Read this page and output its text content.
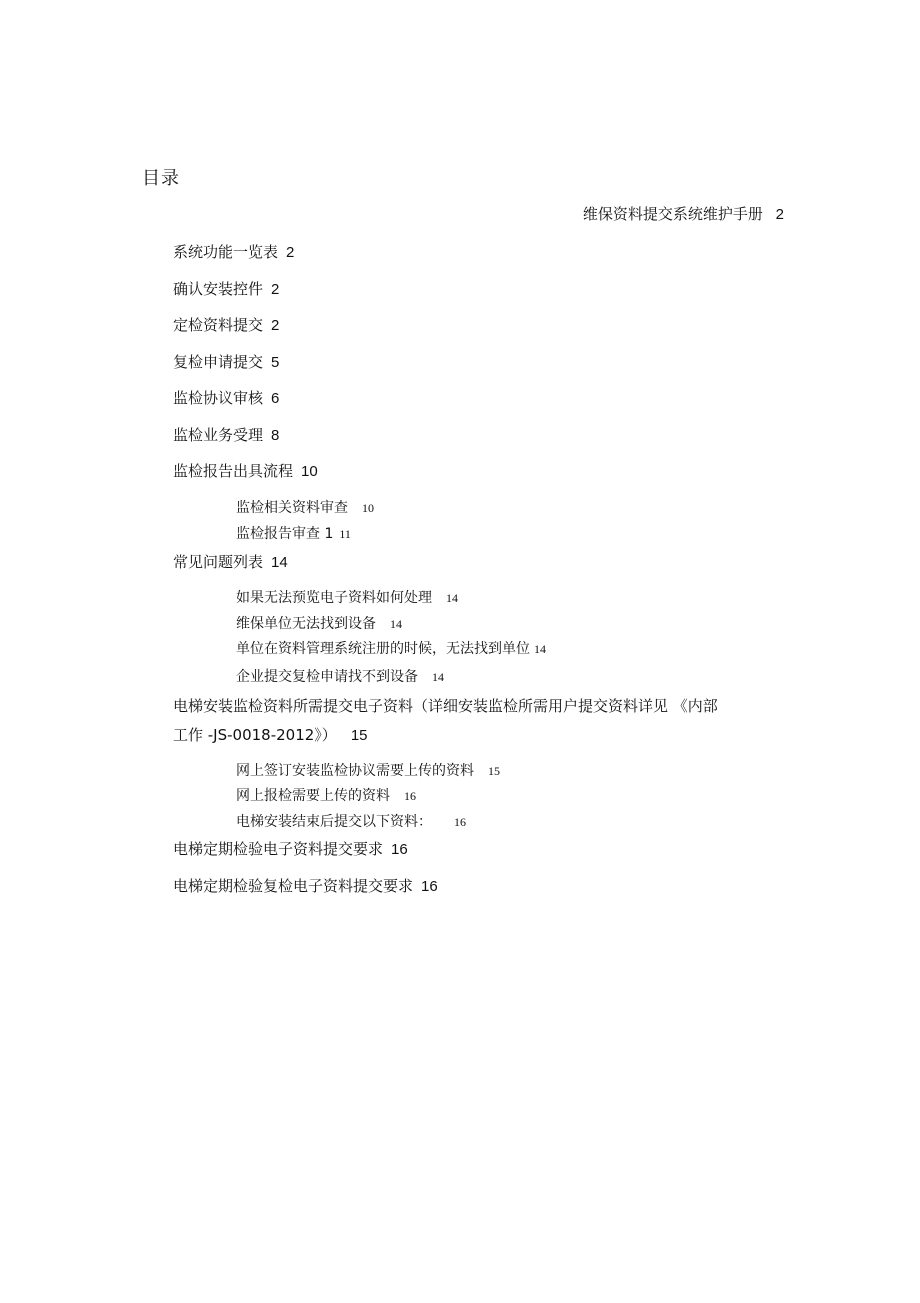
目录
维保资料提交系统维护手册 2
系统功能一览表 2
确认安装控件 2
定检资料提交 2
复检申请提交 5
监检协议审核 6
监检业务受理 8
监检报告出具流程 10
监检相关资料审查 10
监检报告审查 1 11
常见问题列表 14
如果无法预览电子资料如何处理 14
维保单位无法找到设备 14
单位在资料管理系统注册的时候，无法找到单位 14
企业提交复检申请找不到设备 14
电梯安装监检资料所需提交电子资料（详细安装监检所需用户提交资料详见 《内部
工作 -JS-0018-2012》） 15
网上签订安装监检协议需要上传的资料 15
网上报检需要上传的资料 16
电梯安装结束后提交以下资料： 16
电梯定期检验电子资料提交要求 16
电梯定期检验复检电子资料提交要求 16
